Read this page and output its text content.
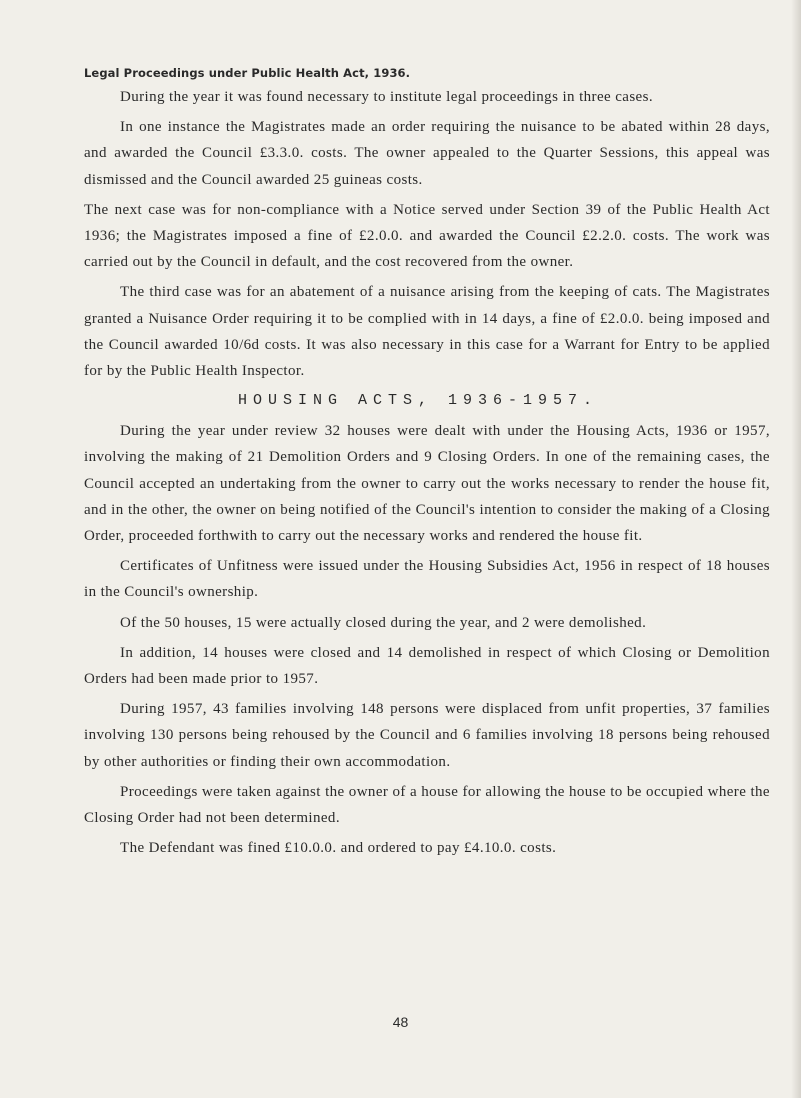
Legal Proceedings under Public Health Act, 1936.

During the year it was found necessary to institute legal proceedings in three cases.

In one instance the Magistrates made an order requiring the nuisance to be abated within 28 days, and awarded the Council £3.3.0. costs. The owner appealed to the Quarter Sessions, this appeal was dismissed and the Council awarded 25 guineas costs.

The next case was for non-compliance with a Notice served under Section 39 of the Public Health Act 1936; the Magistrates imposed a fine of £2.0.0. and awarded the Council £2.2.0. costs. The work was carried out by the Council in default, and the cost recovered from the owner.

The third case was for an abatement of a nuisance arising from the keeping of cats. The Magistrates granted a Nuisance Order requiring it to be complied with in 14 days, a fine of £2.0.0. being imposed and the Council awarded 10/6d costs. It was also necessary in this case for a Warrant for Entry to be applied for by the Public Health Inspector.

HOUSING ACTS, 1936-1957.

During the year under review 32 houses were dealt with under the Housing Acts, 1936 or 1957, involving the making of 21 Demolition Orders and 9 Closing Orders. In one of the remaining cases, the Council accepted an undertaking from the owner to carry out the works necessary to render the house fit, and in the other, the owner on being notified of the Council's intention to consider the making of a Closing Order, proceeded forthwith to carry out the necessary works and rendered the house fit.

Certificates of Unfitness were issued under the Housing Subsidies Act, 1956 in respect of 18 houses in the Council's ownership.

Of the 50 houses, 15 were actually closed during the year, and 2 were demolished.

In addition, 14 houses were closed and 14 demolished in respect of which Closing or Demolition Orders had been made prior to 1957.

During 1957, 43 families involving 148 persons were displaced from unfit properties, 37 families involving 130 persons being rehoused by the Council and 6 families involving 18 persons being rehoused by other authorities or finding their own accommodation.

Proceedings were taken against the owner of a house for allowing the house to be occupied where the Closing Order had not been determined.

The Defendant was fined £10.0.0. and ordered to pay £4.10.0. costs.

48
